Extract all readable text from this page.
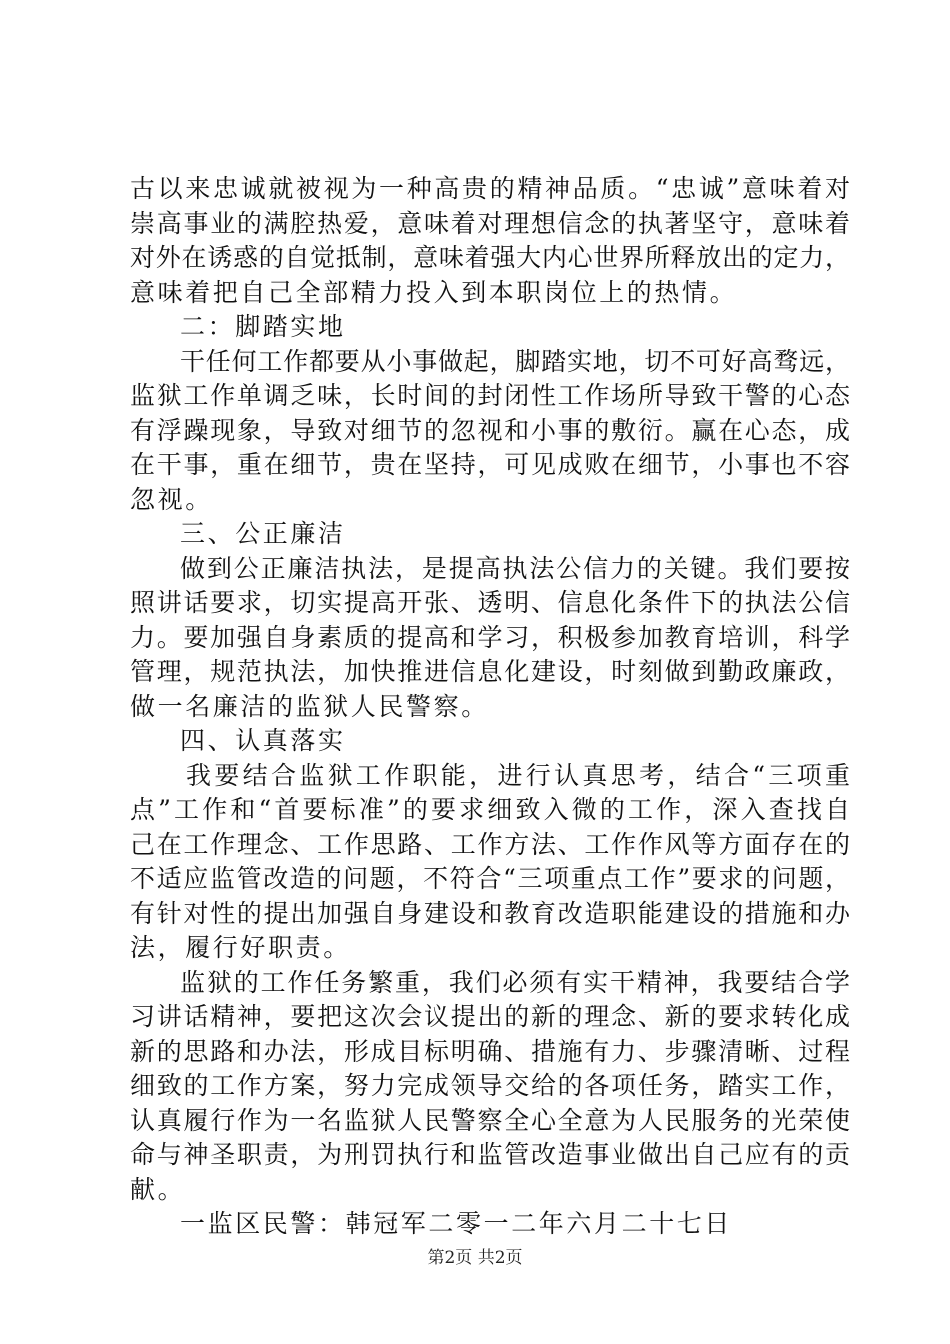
古以来忠诚就被视为一种高贵的精神品质。“忠诚”意味着对
崇高事业的满腔热爱，意味着对理想信念的执著坚守，意味着
对外在诱惑的自觉抵制，意味着强大内心世界所释放出的定力，
意味着把自己全部精力投入到本职岗位上的热情。
二：脚踏实地
干任何工作都要从小事做起，脚踏实地，切不可好高骛远，
监狱工作单调乏味，长时间的封闭性工作场所导致干警的心态
有浮躁现象，导致对细节的忽视和小事的敷衍。赢在心态，成
在干事，重在细节，贵在坚持，可见成败在细节，小事也不容
忽视。
三、公正廉洁
做到公正廉洁执法，是提高执法公信力的关键。我们要按
照讲话要求，切实提高开张、透明、信息化条件下的执法公信
力。要加强自身素质的提高和学习，积极参加教育培训，科学
管理，规范执法，加快推进信息化建设，时刻做到勤政廉政，
做一名廉洁的监狱人民警察。
四、认真落实
我要结合监狱工作职能，进行认真思考，结合“三项重
点”工作和“首要标准”的要求细致入微的工作，深入查找自
己在工作理念、工作思路、工作方法、工作作风等方面存在的
不适应监管改造的问题，不符合“三项重点工作”要求的问题，
有针对性的提出加强自身建设和教育改造职能建设的措施和办
法，履行好职责。
监狱的工作任务繁重，我们必须有实干精神，我要结合学
习讲话精神，要把这次会议提出的新的理念、新的要求转化成
新的思路和办法，形成目标明确、措施有力、步骤清晰、过程
细致的工作方案，努力完成领导交给的各项任务，踏实工作，
认真履行作为一名监狱人民警察全心全意为人民服务的光荣使
命与神圣职责，为刑罚执行和监管改造事业做出自己应有的贡
献。
一监区民警：韩冠军二零一二年六月二十七日
第2页 共2页
